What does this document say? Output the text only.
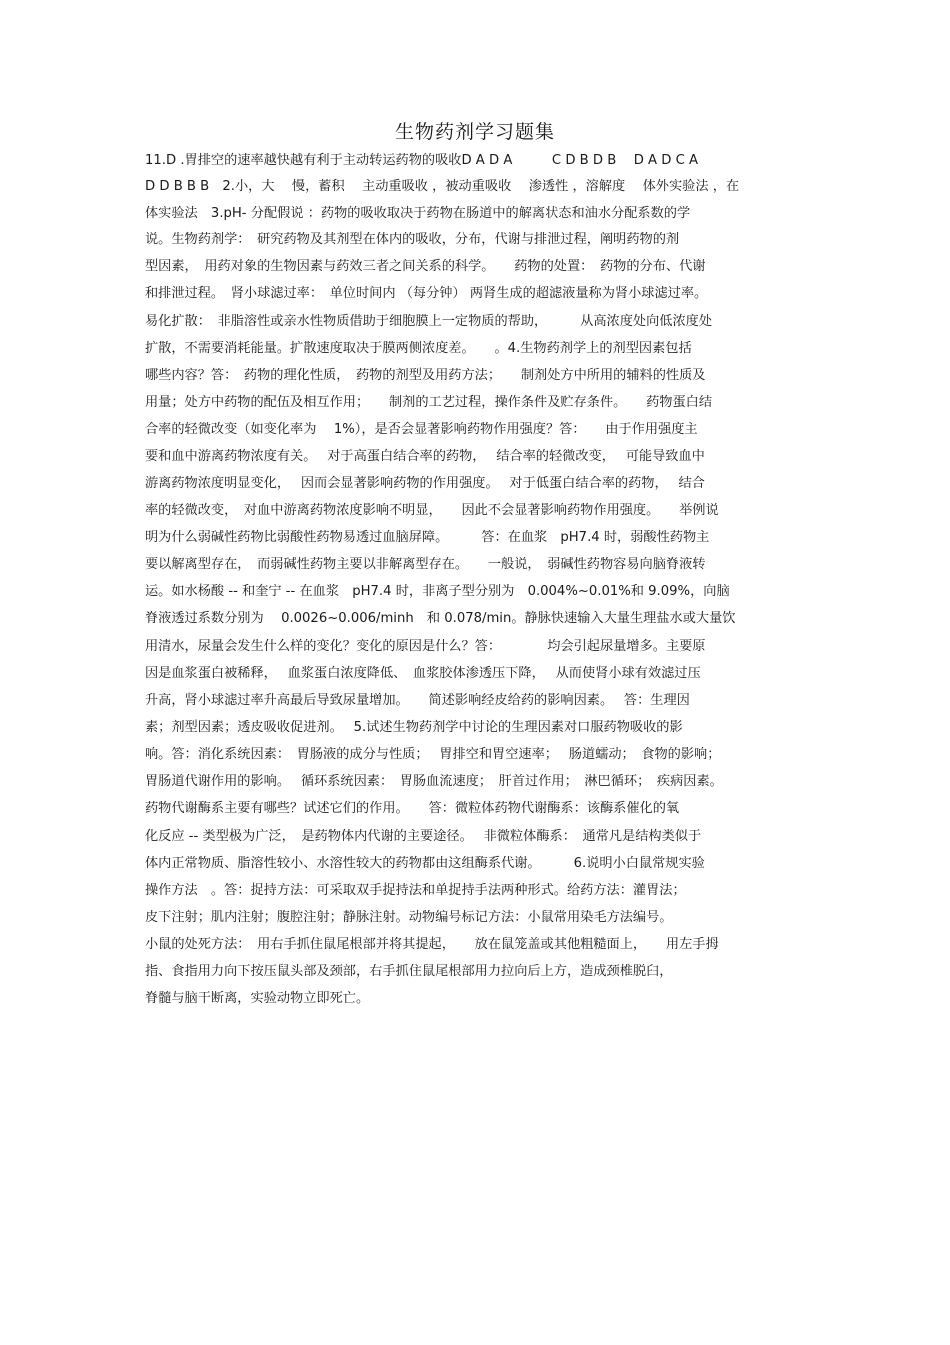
生物药剂学习题集
11.D .胃排空的速率越快越有利于主动转运药物的吸收D A D A　　　C D B D B　 D A D C A
D D B B B　2.小，大　 慢，蓄积　 主动重吸收 ，被动重吸收　 渗透性 ，溶解度　 体外实验法 ，在
体实验法　3.pH- 分配假说 ：药物的吸收取决于药物在肠道中的解离状态和油水分配系数的学
说。生物药剂学：　研究药物及其剂型在体内的吸收，分布，代谢与排泄过程，阐明药物的剂
型因素，　用药对象的生物因素与药效三者之间关系的科学。　　药物的处置：　药物的分布、代谢
和排泄过程。　肾小球滤过率：　单位时间内 （每分钟） 两肾生成的超滤液量称为肾小球滤过率。
易化扩散：　非脂溶性或亲水性物质借助于细胞膜上一定物质的帮助，　　　从高浓度处向低浓度处
扩散，不需要消耗能量。扩散速度取决于膜两侧浓度差。　　。4.生物药剂学上的剂型因素包括
哪些内容？答：　药物的理化性质，　药物的剂型及用药方法；　　制剂处方中所用的辅料的性质及
用量；处方中药物的配伍及相互作用；　　制剂的工艺过程，操作条件及贮存条件。　　药物蛋白结
合率的轻微改变（如变化率为　 1%），是否会显著影响药物作用强度？答：　　由于作用强度主
要和血中游离药物浓度有关。　 对于高蛋白结合率的药物，　 结合率的轻微改变，　 可能导致血中
游离药物浓度明显变化，　 因而会显著影响药物的作用强度。　 对于低蛋白结合率的药物，　 结合
率的轻微改变，　对血中游离药物浓度影响不明显，　　因此不会显著影响药物作用强度。　　举例说
明为什么弱碱性药物比弱酸性药物易透过血脑屏障。　　　答：在血浆　pH7.4 时，弱酸性药物主
要以解离型存在，　而弱碱性药物主要以非解离型存在。　　一般说，　弱碱性药物容易向脑脊液转
运。如水杨酸 -- 和奎宁 -- 在血浆　pH7.4 时，非离子型分别为　0.004%~0.01%和 9.09%，向脑
脊液透过系数分别为　 0.0026~0.006/minh　和 0.078/min。静脉快速输入大量生理盐水或大量饮
用清水，尿量会发生什么样的变化？变化的原因是什么？答：　　　　均会引起尿量增多。主要原
因是血浆蛋白被稀释，　 血浆蛋白浓度降低、　血浆胶体渗透压下降，　 从而使肾小球有效滤过压
升高，肾小球滤过率升高最后导致尿量增加。　　简述影响经皮给药的影响因素。　 答：生理因
素；剂型因素；透皮吸收促进剂。　 5.试述生物药剂学中讨论的生理因素对口服药物吸收的影
响。答：消化系统因素：　胃肠液的成分与性质；　 胃排空和胃空速率；　 肠道蠕动；　食物的影响；
胃肠道代谢作用的影响。　 循环系统因素：　胃肠血流速度；　肝首过作用；　淋巴循环；　疾病因素。
药物代谢酶系主要有哪些？试述它们的作用。　　答：微粒体药物代谢酶系：该酶系催化的氧
化反应 -- 类型极为广泛，　是药物体内代谢的主要途径。　 非微粒体酶系：　通常凡是结构类似于
体内正常物质、脂溶性较小、水溶性较大的药物都由这组酶系代谢。　　　6.说明小白鼠常规实验
操作方法　。答：捉持方法：可采取双手捉持法和单捉持手法两种形式。给药方法：灌胃法；
皮下注射；肌内注射；腹腔注射；静脉注射。动物编号标记方法：小鼠常用染毛方法编号。
小鼠的处死方法：　用右手抓住鼠尾根部并将其提起，　　放在鼠笼盖或其他粗糙面上，　　用左手拇
指、食指用力向下按压鼠头部及颈部，右手抓住鼠尾根部用力拉向后上方，造成颈椎脱臼，
脊髓与脑干断离，实验动物立即死亡。
